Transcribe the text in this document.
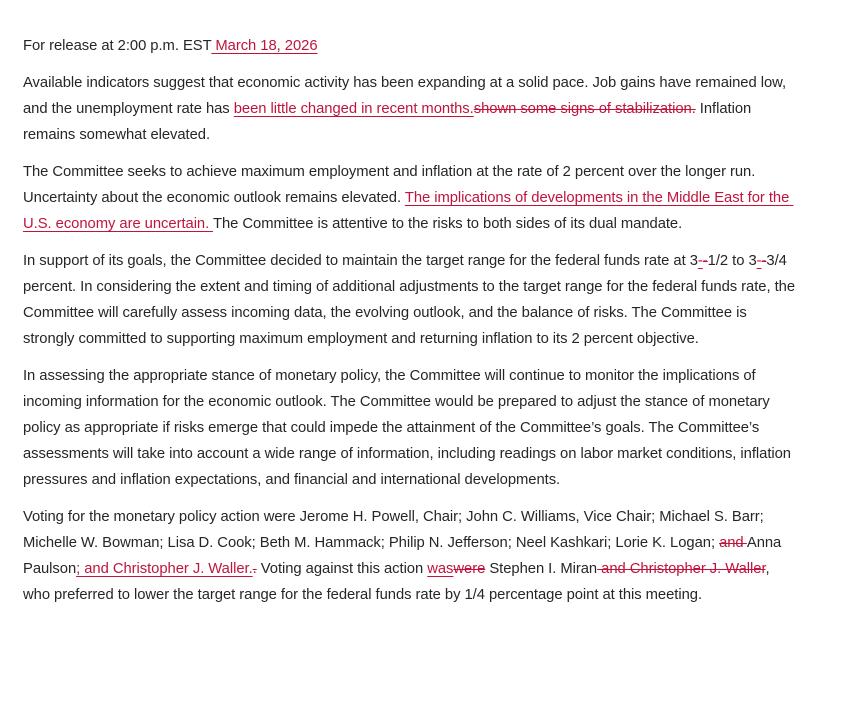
For release at 2:00 p.m. EST March 18, 2026

Available indicators suggest that economic activity has been expanding at a solid pace. Job gains have remained low, and the unemployment rate has been little changed in recent months.shown some signs of stabilization. Inflation remains somewhat elevated.

The Committee seeks to achieve maximum employment and inflation at the rate of 2 percent over the longer run. Uncertainty about the economic outlook remains elevated. The implications of developments in the Middle East for the U.S. economy are uncertain. The Committee is attentive to the risks to both sides of its dual mandate.

In support of its goals, the Committee decided to maintain the target range for the federal funds rate at 3--1/2 to 3--3/4 percent. In considering the extent and timing of additional adjustments to the target range for the federal funds rate, the Committee will carefully assess incoming data, the evolving outlook, and the balance of risks. The Committee is strongly committed to supporting maximum employment and returning inflation to its 2 percent objective.

In assessing the appropriate stance of monetary policy, the Committee will continue to monitor the implications of incoming information for the economic outlook. The Committee would be prepared to adjust the stance of monetary policy as appropriate if risks emerge that could impede the attainment of the Committee’s goals. The Committee’s assessments will take into account a wide range of information, including readings on labor market conditions, inflation pressures and inflation expectations, and financial and international developments.

Voting for the monetary policy action were Jerome H. Powell, Chair; John C. Williams, Vice Chair; Michael S. Barr; Michelle W. Bowman; Lisa D. Cook; Beth M. Hammack; Philip N. Jefferson; Neel Kashkari; Lorie K. Logan; and Anna Paulson; and Christopher J. Waller.. Voting against this action waswere Stephen I. Miran and Christopher J. Waller, who preferred to lower the target range for the federal funds rate by 1/4 percentage point at this meeting.
